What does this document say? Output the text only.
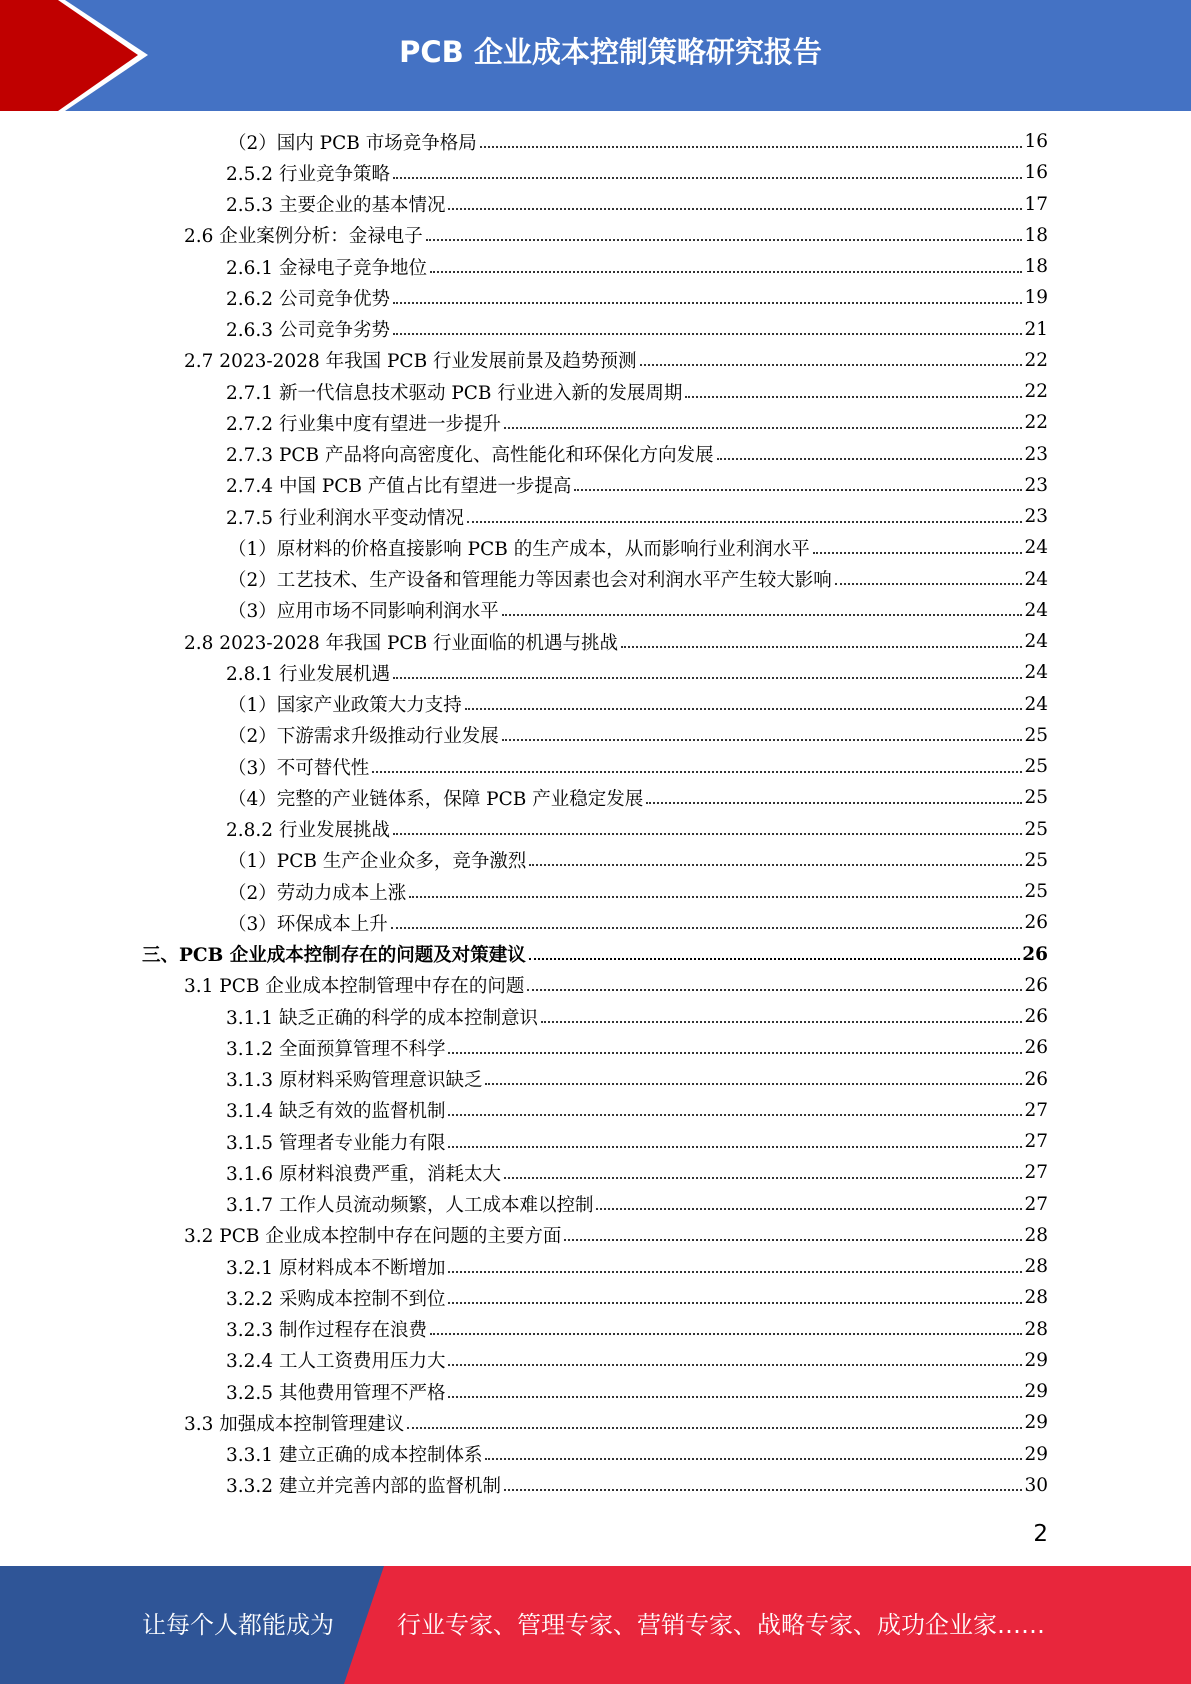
PCB 企业成本控制策略研究报告
（2）国内 PCB 市场竞争格局	16
2.5.2 行业竞争策略	16
2.5.3 主要企业的基本情况	17
2.6 企业案例分析：金禄电子	18
2.6.1 金禄电子竞争地位	18
2.6.2 公司竞争优势	19
2.6.3 公司竞争劣势	21
2.7 2023-2028 年我国 PCB 行业发展前景及趋势预测	22
2.7.1 新一代信息技术驱动 PCB 行业进入新的发展周期	22
2.7.2 行业集中度有望进一步提升	22
2.7.3 PCB 产品将向高密度化、高性能化和环保化方向发展	23
2.7.4 中国 PCB 产值占比有望进一步提高	23
2.7.5 行业利润水平变动情况	23
（1）原材料的价格直接影响 PCB 的生产成本，从而影响行业利润水平	24
（2）工艺技术、生产设备和管理能力等因素也会对利润水平产生较大影响	24
（3）应用市场不同影响利润水平	24
2.8 2023-2028 年我国 PCB 行业面临的机遇与挑战	24
2.8.1 行业发展机遇	24
（1）国家产业政策大力支持	24
（2）下游需求升级推动行业发展	25
（3）不可替代性	25
（4）完整的产业链体系，保障 PCB 产业稳定发展	25
2.8.2 行业发展挑战	25
（1）PCB 生产企业众多，竞争激烈	25
（2）劳动力成本上涨	25
（3）环保成本上升	26
三、PCB 企业成本控制存在的问题及对策建议	26
3.1 PCB 企业成本控制管理中存在的问题	26
3.1.1 缺乏正确的科学的成本控制意识	26
3.1.2 全面预算管理不科学	26
3.1.3 原材料采购管理意识缺乏	26
3.1.4 缺乏有效的监督机制	27
3.1.5 管理者专业能力有限	27
3.1.6 原材料浪费严重，消耗太大	27
3.1.7 工作人员流动频繁，人工成本难以控制	27
3.2 PCB 企业成本控制中存在问题的主要方面	28
3.2.1 原材料成本不断增加	28
3.2.2 采购成本控制不到位	28
3.2.3 制作过程存在浪费	28
3.2.4 工人工资费用压力大	29
3.2.5 其他费用管理不严格	29
3.3 加强成本控制管理建议	29
3.3.1 建立正确的成本控制体系	29
3.3.2 建立并完善内部的监督机制	30
2
让每个人都能成为	行业专家、管理专家、营销专家、战略专家、成功企业家……
